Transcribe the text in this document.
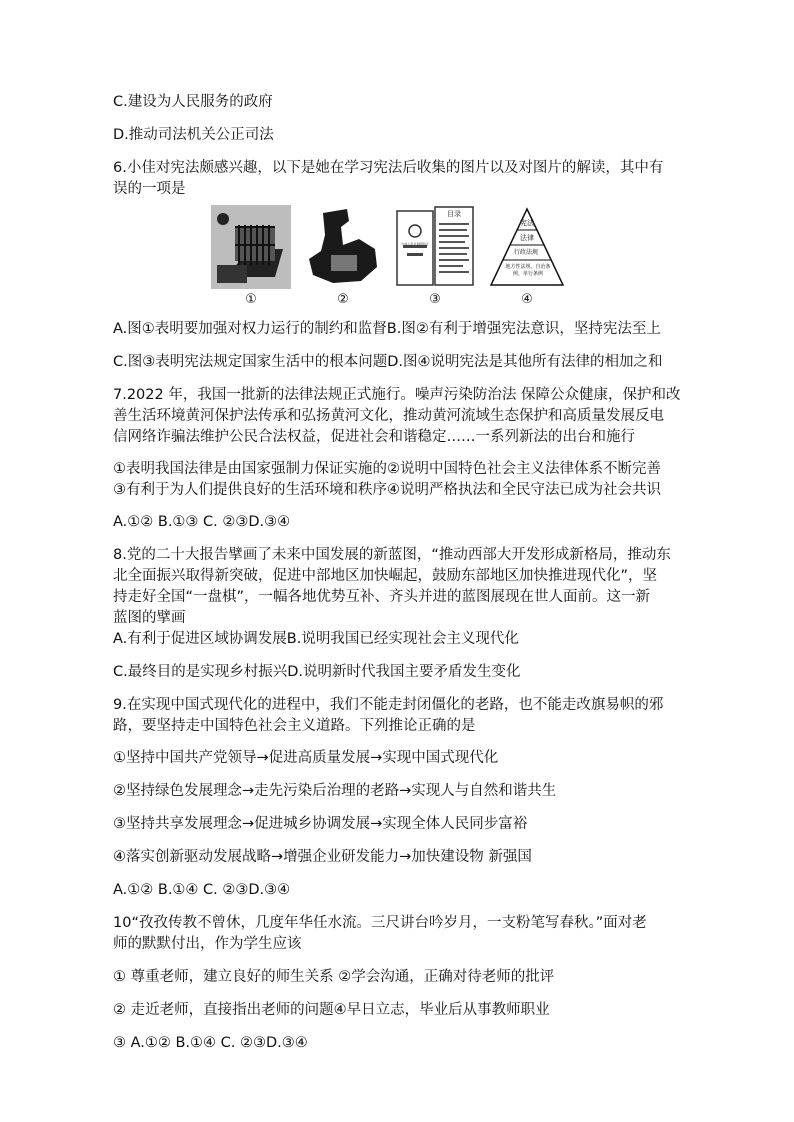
C.建设为人民服务的政府
D.推动司法机关公正司法
6.小佳对宪法颇感兴趣，以下是她在学习宪法后收集的图片以及对图片的解读，其中有
误的一项是
中华人民共和国宪法
目录
宪法
法律
行政法规
地方性法规、自治条例、单行条例
①	②	③	④
A.图①表明要加强对权力运行的制约和监督B.图②有利于增强宪法意识，坚持宪法至上
C.图③表明宪法规定国家生活中的根本问题D.图④说明宪法是其他所有法律的相加之和
7.2022 年，我国一批新的法律法规正式施行。噪声污染防治法 保障公众健康，保护和改
善生活环境黄河保护法传承和弘扬黄河文化，推动黄河流域生态保护和高质量发展反电
信网络诈骗法维护公民合法权益，促进社会和谐稳定……一系列新法的出台和施行
①表明我国法律是由国家强制力保证实施的②说明中国特色社会主义法律体系不断完善
③有利于为人们提供良好的生活环境和秩序④说明严格执法和全民守法已成为社会共识
A.①② B.①③ C. ②③D.③④
8.党的二十大报告擘画了未来中国发展的新蓝图，“推动西部大开发形成新格局，推动东
北全面振兴取得新突破，促进中部地区加快崛起，鼓励东部地区加快推进现代化”，坚
持走好全国“一盘棋”，一幅各地优势互补、齐头并进的蓝图展现在世人面前。这一新
蓝图的擘画
A.有利于促进区域协调发展B.说明我国已经实现社会主义现代化
C.最终目的是实现乡村振兴D.说明新时代我国主要矛盾发生变化
9.在实现中国式现代化的进程中，我们不能走封闭僵化的老路，也不能走改旗易帜的邪
路，要坚持走中国特色社会主义道路。下列推论正确的是
①坚持中国共产党领导→促进高质量发展→实现中国式现代化
②坚持绿色发展理念→走先污染后治理的老路→实现人与自然和谐共生
③坚持共享发展理念→促进城乡协调发展→实现全体人民同步富裕
④落实创新驱动发展战略→增强企业研发能力→加快建设物 新强国
A.①② B.①④ C. ②③D.③④
10“孜孜传教不曾休，几度年华任水流。三尺讲台吟岁月，一支粉笔写春秋。”面对老
师的默默付出，作为学生应该
① 尊重老师，建立良好的师生关系 ②学会沟通，正确对待老师的批评
② 走近老师，直接指出老师的问题④早日立志，毕业后从事教师职业
③ A.①② B.①④ C. ②③D.③④
